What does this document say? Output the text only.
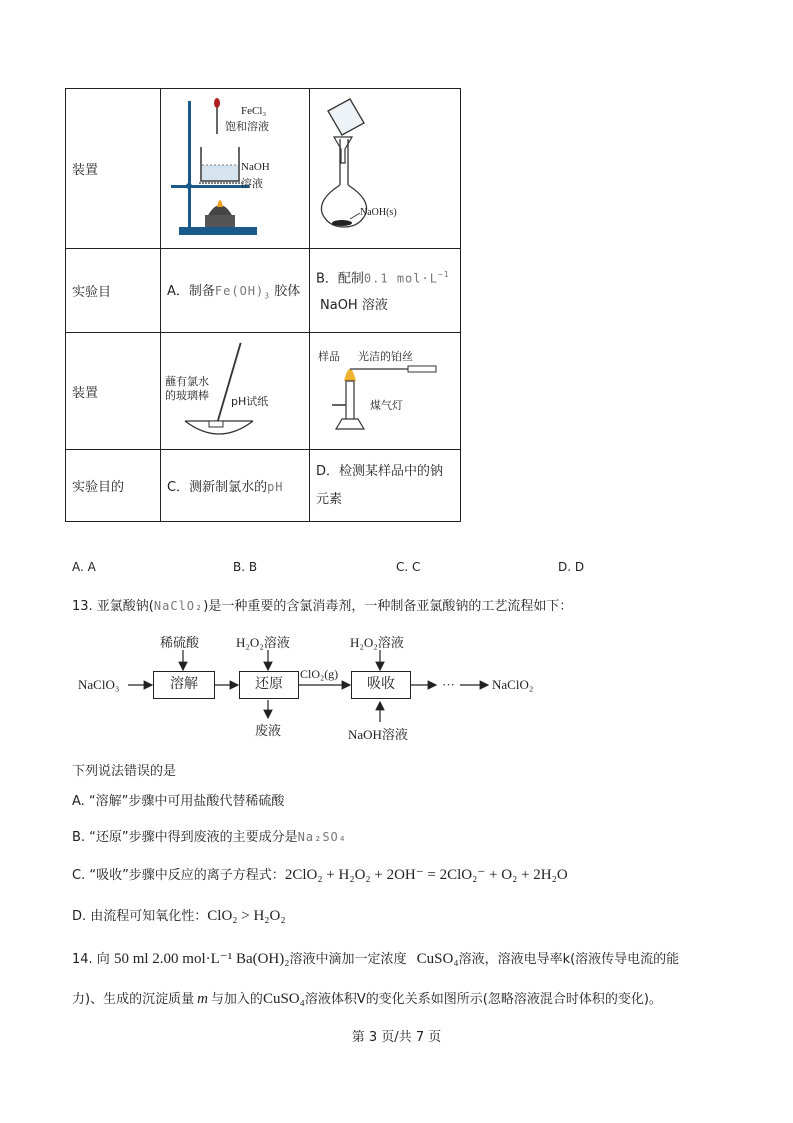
装置	FeCl₃
饱和溶液
NaOH
溶液	NaOH(s)

实验目	A．制备$Fe(OH)_3$ 胶体	B．配制0.1 $mol\cdot L^{-1}$
NaOH 溶液

装置	蘸有氯水
的玻璃棒 pH试纸	样品 光洁的铂丝
煤气灯

实验目的	C．测新制氯水的pH	D．检测某样品中的钠
元素
A. A	B. B	C. C	D. D
13. 亚氯酸钠(NaClO₂)是一种重要的含氯消毒剂，一种制备亚氯酸钠的工艺流程如下：
NaClO₃	溶解	还原	吸收
稀硫酸	H₂O₂溶液	H₂O₂溶液
ClO₂(g)
废液	NaOH溶液
···	NaClO₂
下列说法错误的是
A. “溶解”步骤中可用盐酸代替稀硫酸
B. “还原”步骤中得到废液的主要成分是Na₂SO₄
C. “吸收”步骤中反应的离子方程式：2ClO₂ + H₂O₂ + 2OH⁻ = 2ClO₂⁻ + O₂ + 2H₂O
D. 由流程可知氧化性：ClO₂ > H₂O₂
14. 向 50 ml 2.00 mol·L⁻¹ Ba(OH)₂溶液中滴加一定浓度 CuSO₄溶液，溶液电导率k(溶液传导电流的能
力)、生成的沉淀质量 m 与加入的CuSO₄溶液体积V的变化关系如图所示(忽略溶液混合时体积的变化)。
第 3 页/共 7 页
